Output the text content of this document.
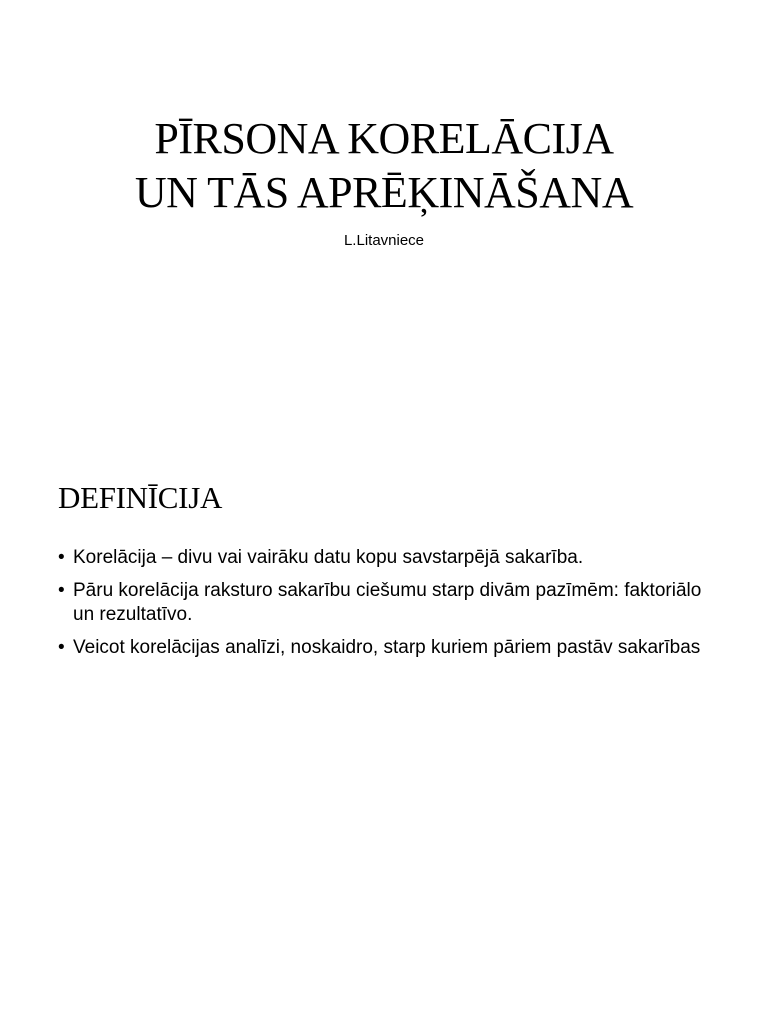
PĪRSONA KORELĀCIJA
UN TĀS APRĒĶINĀŠANA
L.Litavniece
DEFINĪCIJA
• Korelācija – divu vai vairāku datu kopu savstarpējā sakarība.
• Pāru korelācija raksturo sakarību ciešumu starp divām pazīmēm: faktoriālo un rezultatīvo.
• Veicot korelācijas analīzi, noskaidro, starp kuriem pāriem pastāv sakarības
